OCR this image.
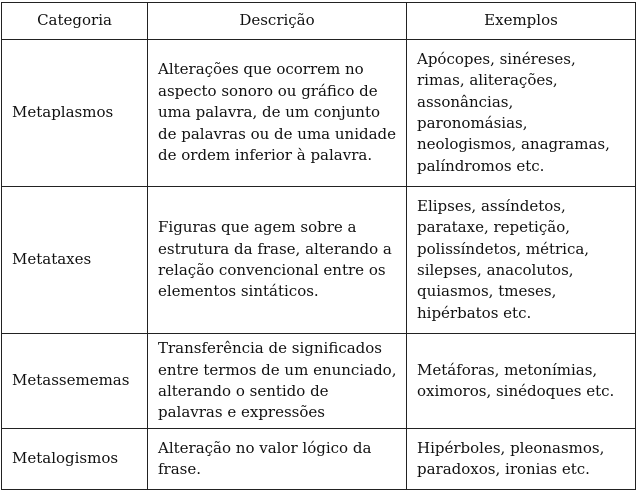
Categoria	Descrição	Exemplos
Metaplasmos	Alterações que ocorrem no aspecto sonoro ou gráfico de uma palavra, de um conjunto de palavras ou de uma unidade de ordem inferior à palavra.	Apócopes, sinéreses, rimas, aliterações, assonâncias, paronomásias, neologismos, anagramas, palíndromos etc.
Metataxes	Figuras que agem sobre a estrutura da frase, alterando a relação convencional entre os elementos sintáticos.	Elipses, assíndetos, parataxe, repetição, polissíndetos, métrica, silepses, anacolutos, quiasmos, tmeses, hipérbatos etc.
Metassememas	Transferência de significados entre termos de um enunciado, alterando o sentido de palavras e expressões	Metáforas, metonímias, oximoros, sinédoques etc.
Metalogismos	Alteração no valor lógico da frase.	Hipérboles, pleonasmos, paradoxos, ironias etc.
